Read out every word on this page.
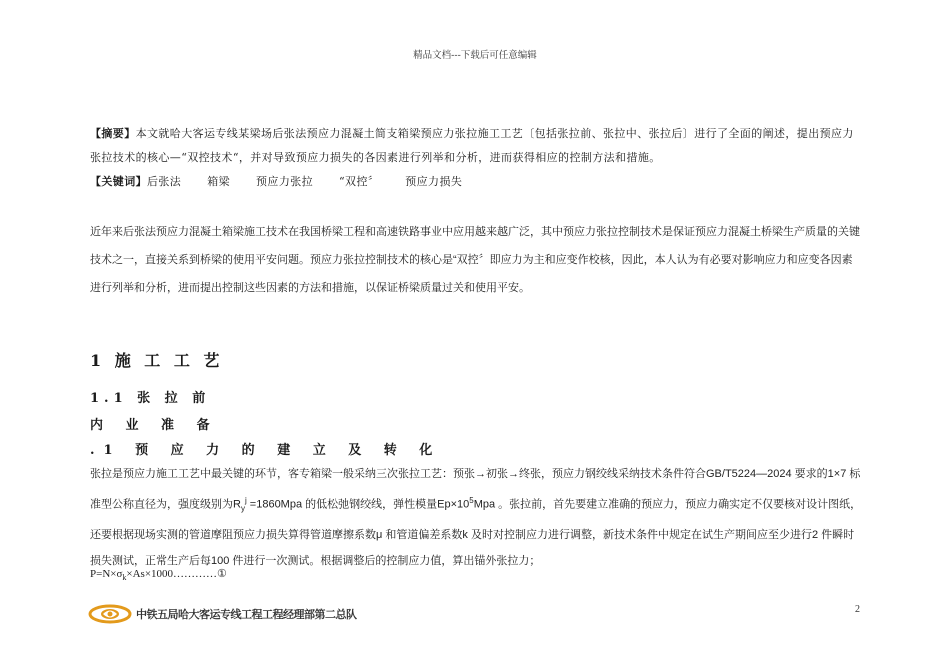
精品文档---下载后可任意编辑
【摘要】本文就哈大客运专线某梁场后张法预应力混凝土简支箱梁预应力张拉施工工艺〔包括张拉前、张拉中、张拉后〕进行了全面的阐述，提出预应力张拉技术的核心—“双控技术“，并对导致预应力损失的各因素进行列举和分析，进而获得相应的控制方法和措施。
【关键词】后张法 箱梁 预应力张拉 “双控〞 预应力损失
近年来后张法预应力混凝土箱梁施工技术在我国桥梁工程和高速铁路事业中应用越来越广泛，其中预应力张拉控制技术是保证预应力混凝土桥梁生产质量的关键技术之一，直接关系到桥梁的使用平安问题。预应力张拉控制技术的核心是“双控〞即应力为主和应变作校核，因此，本人认为有必要对影响应力和应变各因素进行列举和分析，进而提出控制这些因素的方法和措施，以保证桥梁质量过关和使用平安。
1 施 工 工 艺
1.1 张 拉 前
内 业 准 备
.1 预 应 力 的 建 立 及 转 化
张拉是预应力施工工艺中最关键的环节，客专箱梁一般采纳三次张拉工艺：预张→初张→终张，预应力钢绞线采纳技术条件符合GB/T5224—2024 要求的1×7 标准型公称直径为，强度级别为$R_y^j =1860Mpa$ 的低松弛钢绞线，弹性模量$Ep\times 10^5Mpa$ 。张拉前，首先要建立准确的预应力，预应力确实定不仅要核对设计图纸，还要根据现场实测的管道摩阻预应力损失算得管道摩擦系数μ 和管道偏差系数k 及时对控制应力进行调整，新技术条件中规定在试生产期间应至少进行2 件瞬时损失测试，正常生产后每100 件进行一次测试。根据调整后的控制应力值，算出锚外张拉力；
$P=N\times\sigma_k\times As\times 1000\dots\dots\dots\dots ①$
中铁五局哈大客运专线工程工程经理部第二总队	2
